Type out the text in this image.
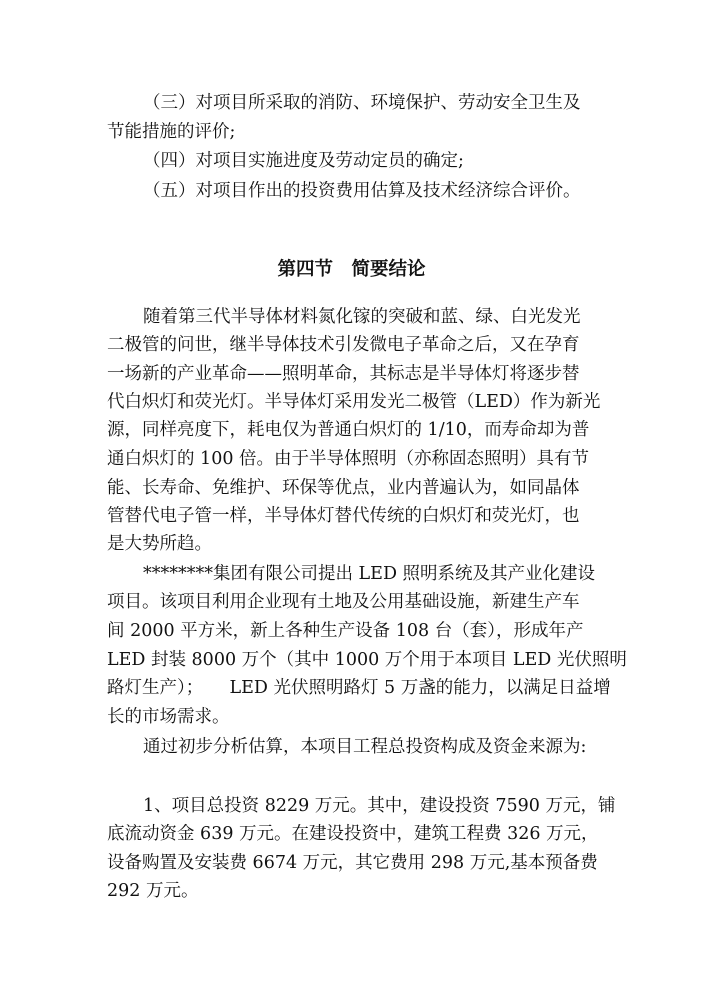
（三）对项目所采取的消防、环境保护、劳动安全卫生及

节能措施的评价;

（四）对项目实施进度及劳动定员的确定;

（五）对项目作出的投资费用估算及技术经济综合评价。

第四节　简要结论

随着第三代半导体材料氮化镓的突破和蓝、绿、白光发光

二极管的问世，继半导体技术引发微电子革命之后，又在孕育

一场新的产业革命——照明革命，其标志是半导体灯将逐步替

代白炽灯和荧光灯。半导体灯采用发光二极管（LED）作为新光

源，同样亮度下，耗电仅为普通白炽灯的 1/10，而寿命却为普

通白炽灯的 100 倍。由于半导体照明（亦称固态照明）具有节

能、长寿命、免维护、环保等优点，业内普遍认为，如同晶体

管替代电子管一样，半导体灯替代传统的白炽灯和荧光灯，也

是大势所趋。

********集团有限公司提出 LED 照明系统及其产业化建设

项目。该项目利用企业现有土地及公用基础设施，新建生产车

间 2000 平方米，新上各种生产设备 108 台（套），形成年产

LED 封装 8000 万个（其中 1000 万个用于本项目 LED 光伏照明

路灯生产）；　　LED 光伏照明路灯 5 万盏的能力，以满足日益增

长的市场需求。

通过初步分析估算，本项目工程总投资构成及资金来源为:

1、项目总投资 8229 万元。其中，建设投资 7590 万元，铺

底流动资金 639 万元。在建设投资中，建筑工程费 326 万元，

设备购置及安装费 6674 万元，其它费用 298 万元,基本预备费

292 万元。
